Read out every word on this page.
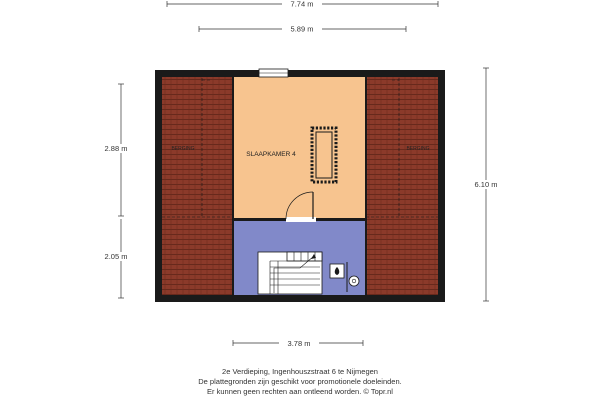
7.74 m
5.89 m
2.88 m
2.05 m
6.10 m
3.78 m
SLAAPKAMER 4
BERGING	BERGING
2e Verdieping, Ingenhouszstraat 6 te Nijmegen
De plattegronden zijn geschikt voor promotionele doeleinden.
Er kunnen geen rechten aan ontleend worden. © Topr.nl
